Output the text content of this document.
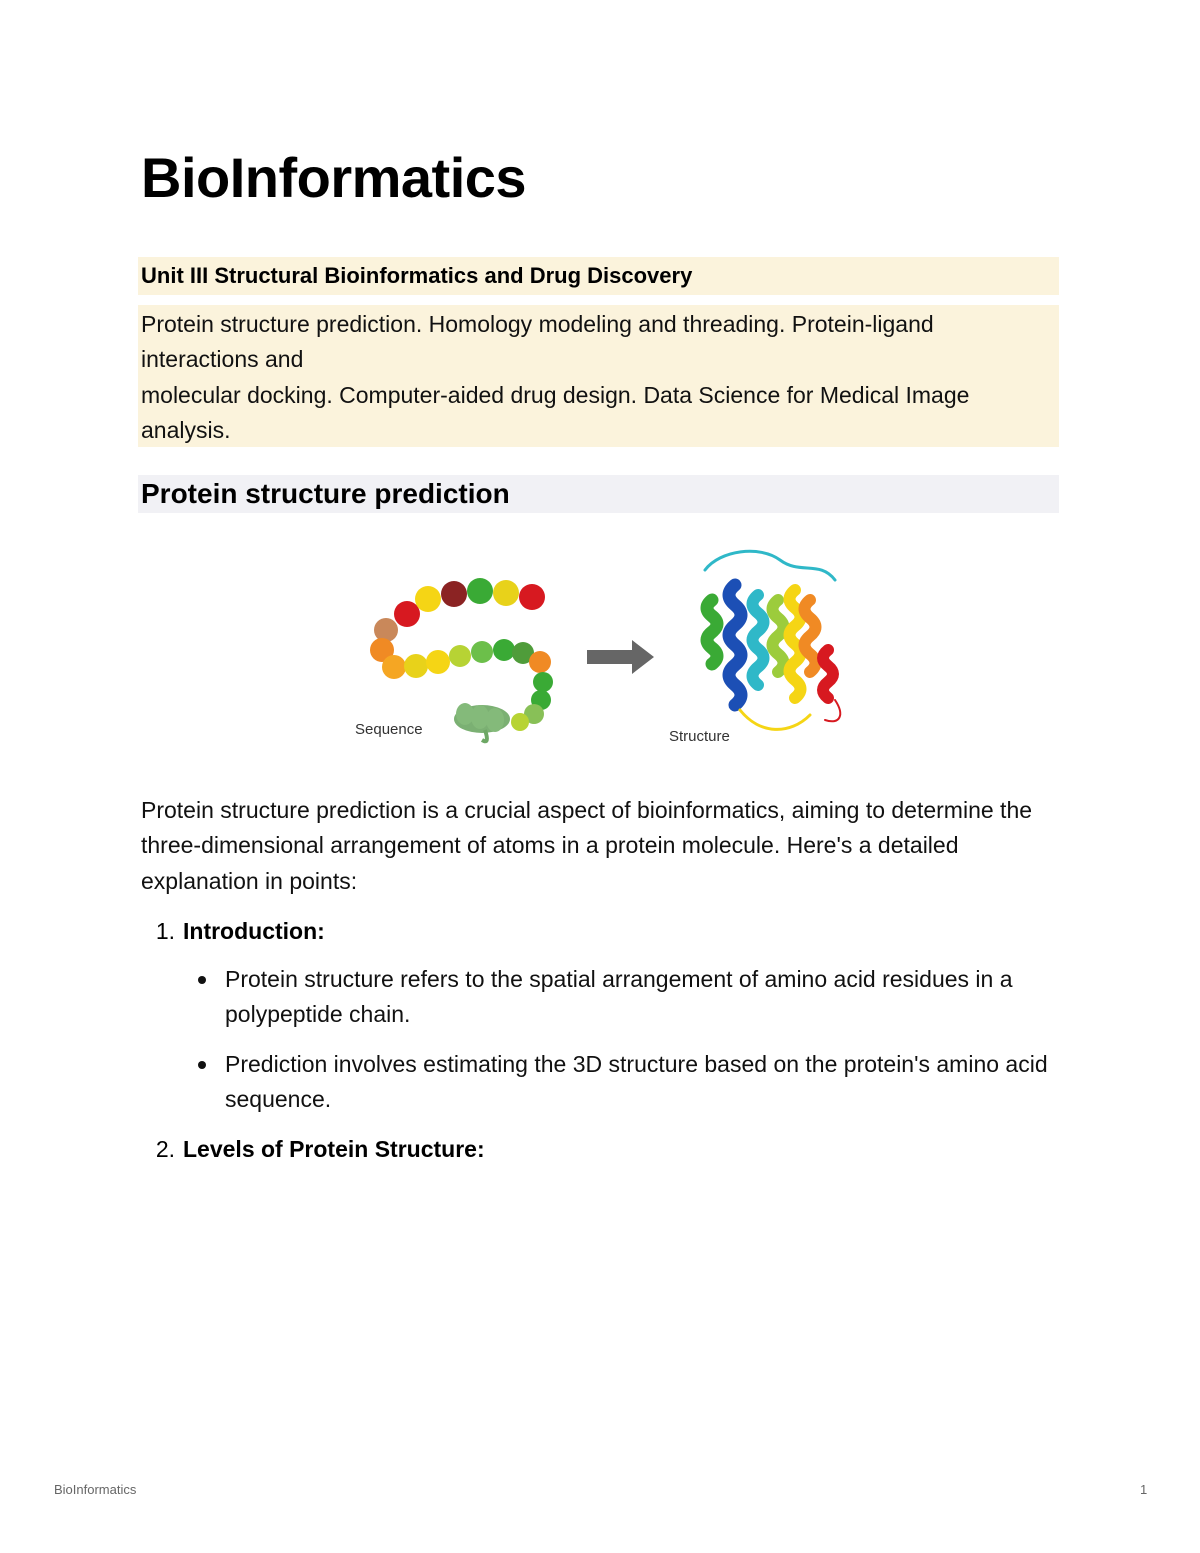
BioInformatics
Unit III Structural Bioinformatics and Drug Discovery

Protein structure prediction. Homology modeling and threading. Protein-ligand interactions and

molecular docking. Computer-aided drug design. Data Science for Medical Image analysis.

Protein structure prediction
Sequence	Structure

Protein structure prediction is a crucial aspect of bioinformatics, aiming to determine the three-dimensional arrangement of atoms in a protein molecule. Here's a detailed explanation in points:

1. Introduction:
Protein structure refers to the spatial arrangement of amino acid residues in a polypeptide chain.
Prediction involves estimating the 3D structure based on the protein's amino acid sequence.
2. Levels of Protein Structure:
BioInformatics	1
